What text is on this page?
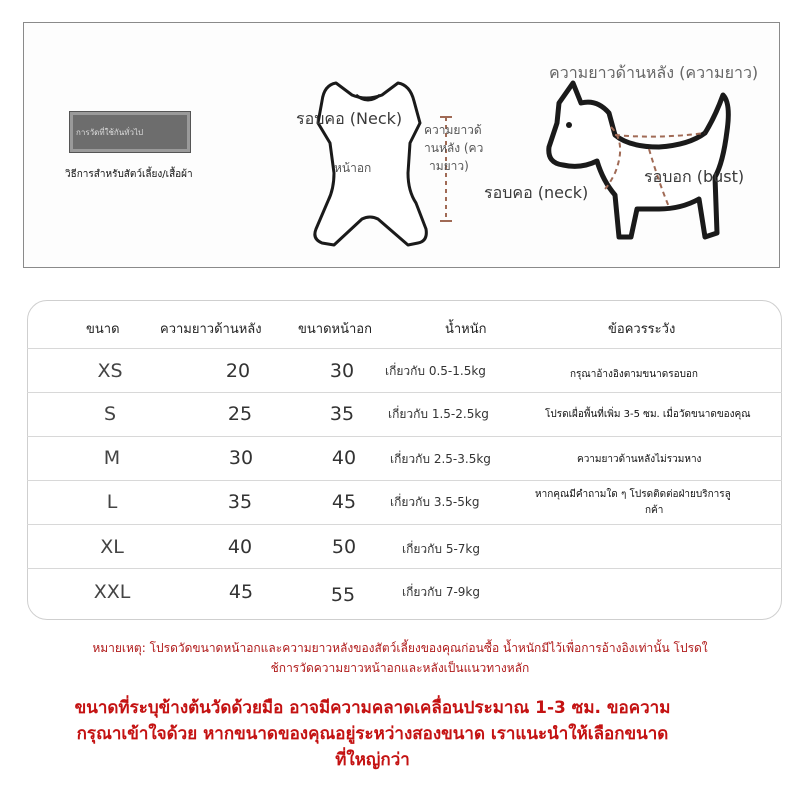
การวัดที่ใช้กันทั่วไป
วิธีการสำหรับสัตว์เลี้ยง/เสื้อผ้า
รอบคอ (Neck)
ความยาวด้
านหลัง (คว
ามยาว)
หน้าอก
ความยาวด้านหลัง (ความยาว)
รอบอก (bust)
รอบคอ (neck)
ขนาด	ความยาวด้านหลัง	ขนาดหน้าอก	น้ำหนัก	ข้อควรระวัง
XS	20	30	เกี่ยวกับ 0.5-1.5kg	กรุณาอ้างอิงตามขนาดรอบอก
S	25	35	เกี่ยวกับ 1.5-2.5kg	โปรดเผื่อพื้นที่เพิ่ม 3-5 ซม. เมื่อวัดขนาดของคุณ
M	30	40	เกี่ยวกับ 2.5-3.5kg	ความยาวด้านหลังไม่รวมหาง
L	35	45	เกี่ยวกับ 3.5-5kg
หากคุณมีคำถามใด ๆ โปรดติดต่อฝ่ายบริการลู
กค้า
XL	40	50	เกี่ยวกับ 5-7kg
XXL	45	55	เกี่ยวกับ 7-9kg
หมายเหตุ: โปรดวัดขนาดหน้าอกและความยาวหลังของสัตว์เลี้ยงของคุณก่อนซื้อ น้ำหนักมีไว้เพื่อการอ้างอิงเท่านั้น โปรดใ
ช้การวัดความยาวหน้าอกและหลังเป็นแนวทางหลัก
ขนาดที่ระบุข้างต้นวัดด้วยมือ อาจมีความคลาดเคลื่อนประมาณ 1-3 ซม. ขอความ
กรุณาเข้าใจด้วย หากขนาดของคุณอยู่ระหว่างสองขนาด เราแนะนำให้เลือกขนาด
ที่ใหญ่กว่า
